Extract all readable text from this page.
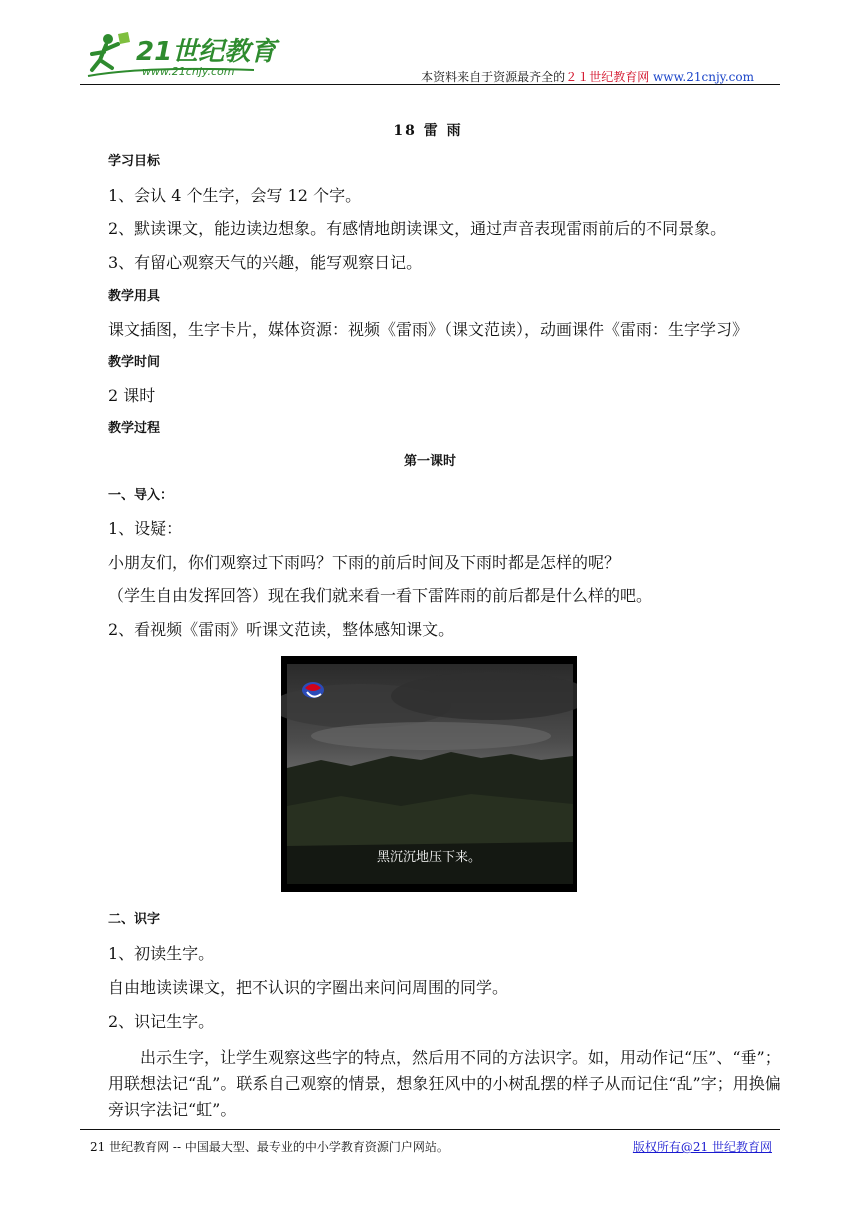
21世纪教育
www.21cnjy.com	本资料来自于资源最齐全的２１世纪教育网 www.21cnjy.com

18 雷 雨

学习目标

1、会认 4 个生字，会写 12 个字。

2、默读课文，能边读边想象。有感情地朗读课文，通过声音表现雷雨前后的不同景象。

3、有留心观察天气的兴趣，能写观察日记。

教学用具

课文插图，生字卡片，媒体资源：视频《雷雨》（课文范读），动画课件《雷雨：生字学习》

教学时间

2 课时

教学过程

第一课时

一、导入：

1、设疑：

小朋友们，你们观察过下雨吗？下雨的前后时间及下雨时都是怎样的呢？

（学生自由发挥回答）现在我们就来看一看下雷阵雨的前后都是什么样的吧。

2、看视频《雷雨》听课文范读，整体感知课文。

黑沉沉地压下来。

二、识字

1、初读生字。

自由地读读课文，把不认识的字圈出来问问周围的同学。

2、识记生字。

出示生字，让学生观察这些字的特点，然后用不同的方法识字。如，用动作记“压”、“垂”；用联想法记“乱”。联系自己观察的情景，想象狂风中的小树乱摆的样子从而记住“乱”字；用换偏旁识字法记“虹”。

21 世纪教育网 -- 中国最大型、最专业的中小学教育资源门户网站。	版权所有@21 世纪教育网
